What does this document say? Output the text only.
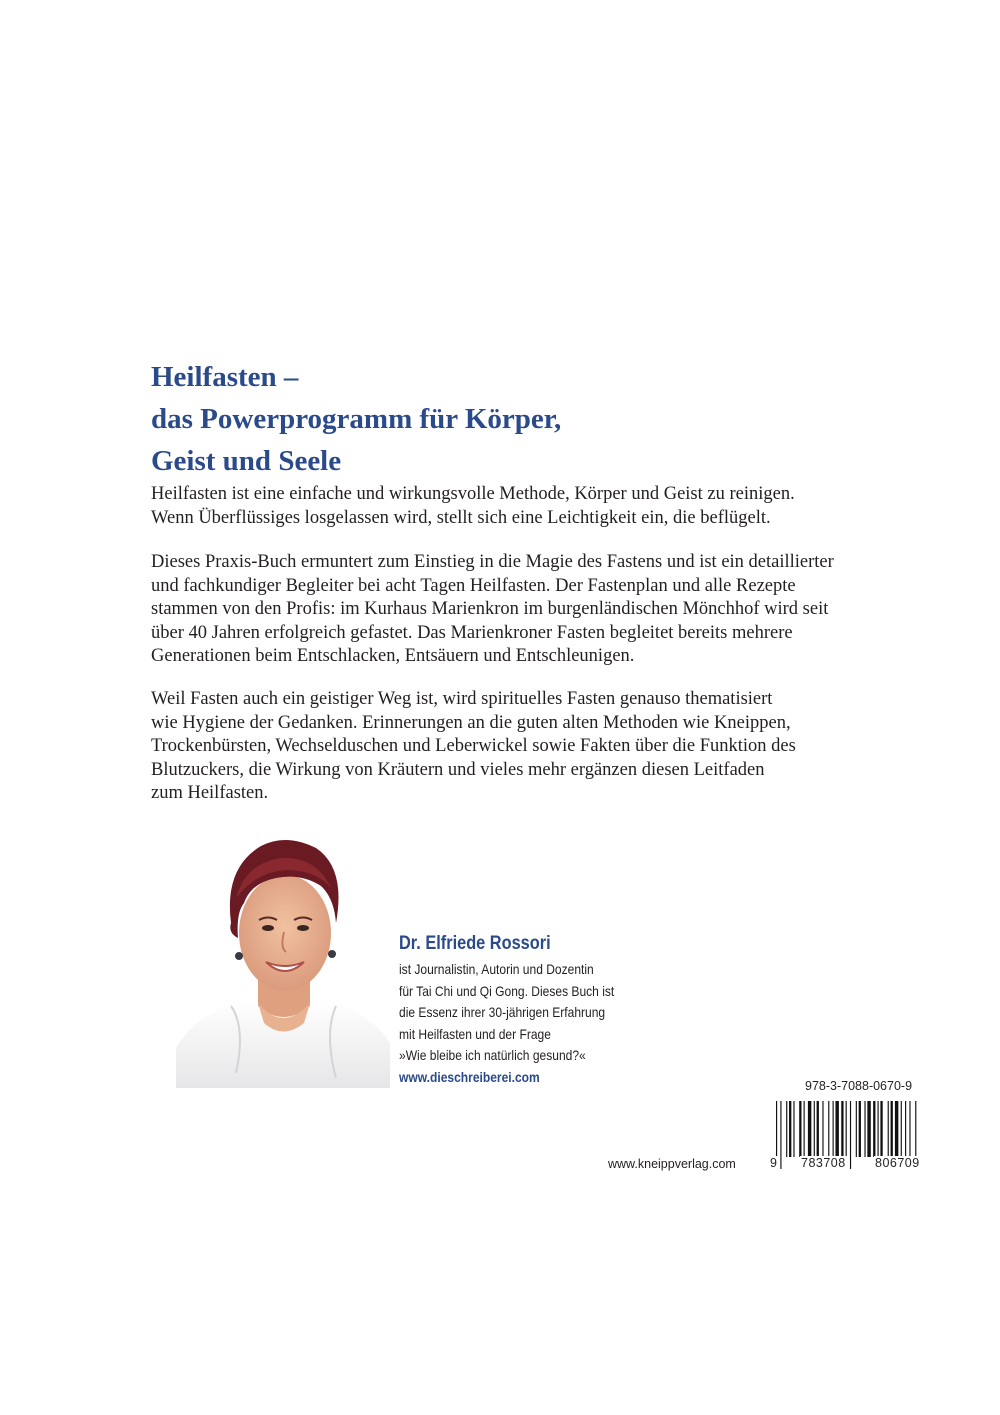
Heilfasten –
das Powerprogramm für Körper,
Geist und Seele
Heilfasten ist eine einfache und wirkungsvolle Methode, Körper und Geist zu reinigen.
Wenn Überflüssiges losgelassen wird, stellt sich eine Leichtigkeit ein, die beflügelt.
Dieses Praxis-Buch ermuntert zum Einstieg in die Magie des Fastens und ist ein detaillierter
und fachkundiger Begleiter bei acht Tagen Heilfasten. Der Fastenplan und alle Rezepte
stammen von den Profis: im Kurhaus Marienkron im burgenländischen Mönchhof wird seit
über 40 Jahren erfolgreich gefastet. Das Marienkroner Fasten begleitet bereits mehrere
Generationen beim Entschlacken, Entsäuern und Entschleunigen.
Weil Fasten auch ein geistiger Weg ist, wird spirituelles Fasten genauso thematisiert
wie Hygiene der Gedanken. Erinnerungen an die guten alten Methoden wie Kneippen,
Trockenbürsten, Wechselduschen und Leberwickel sowie Fakten über die Funktion des
Blutzuckers, die Wirkung von Kräutern und vieles mehr ergänzen diesen Leitfaden
zum Heilfasten.
Dr. Elfriede Rossori
ist Journalistin, Autorin und Dozentin
für Tai Chi und Qi Gong. Dieses Buch ist
die Essenz ihrer 30-jährigen Erfahrung
mit Heilfasten und der Frage
»Wie bleibe ich natürlich gesund?«
www.dieschreiberei.com
978-3-7088-0670-9
9 783708 806709
www.kneippverlag.com
